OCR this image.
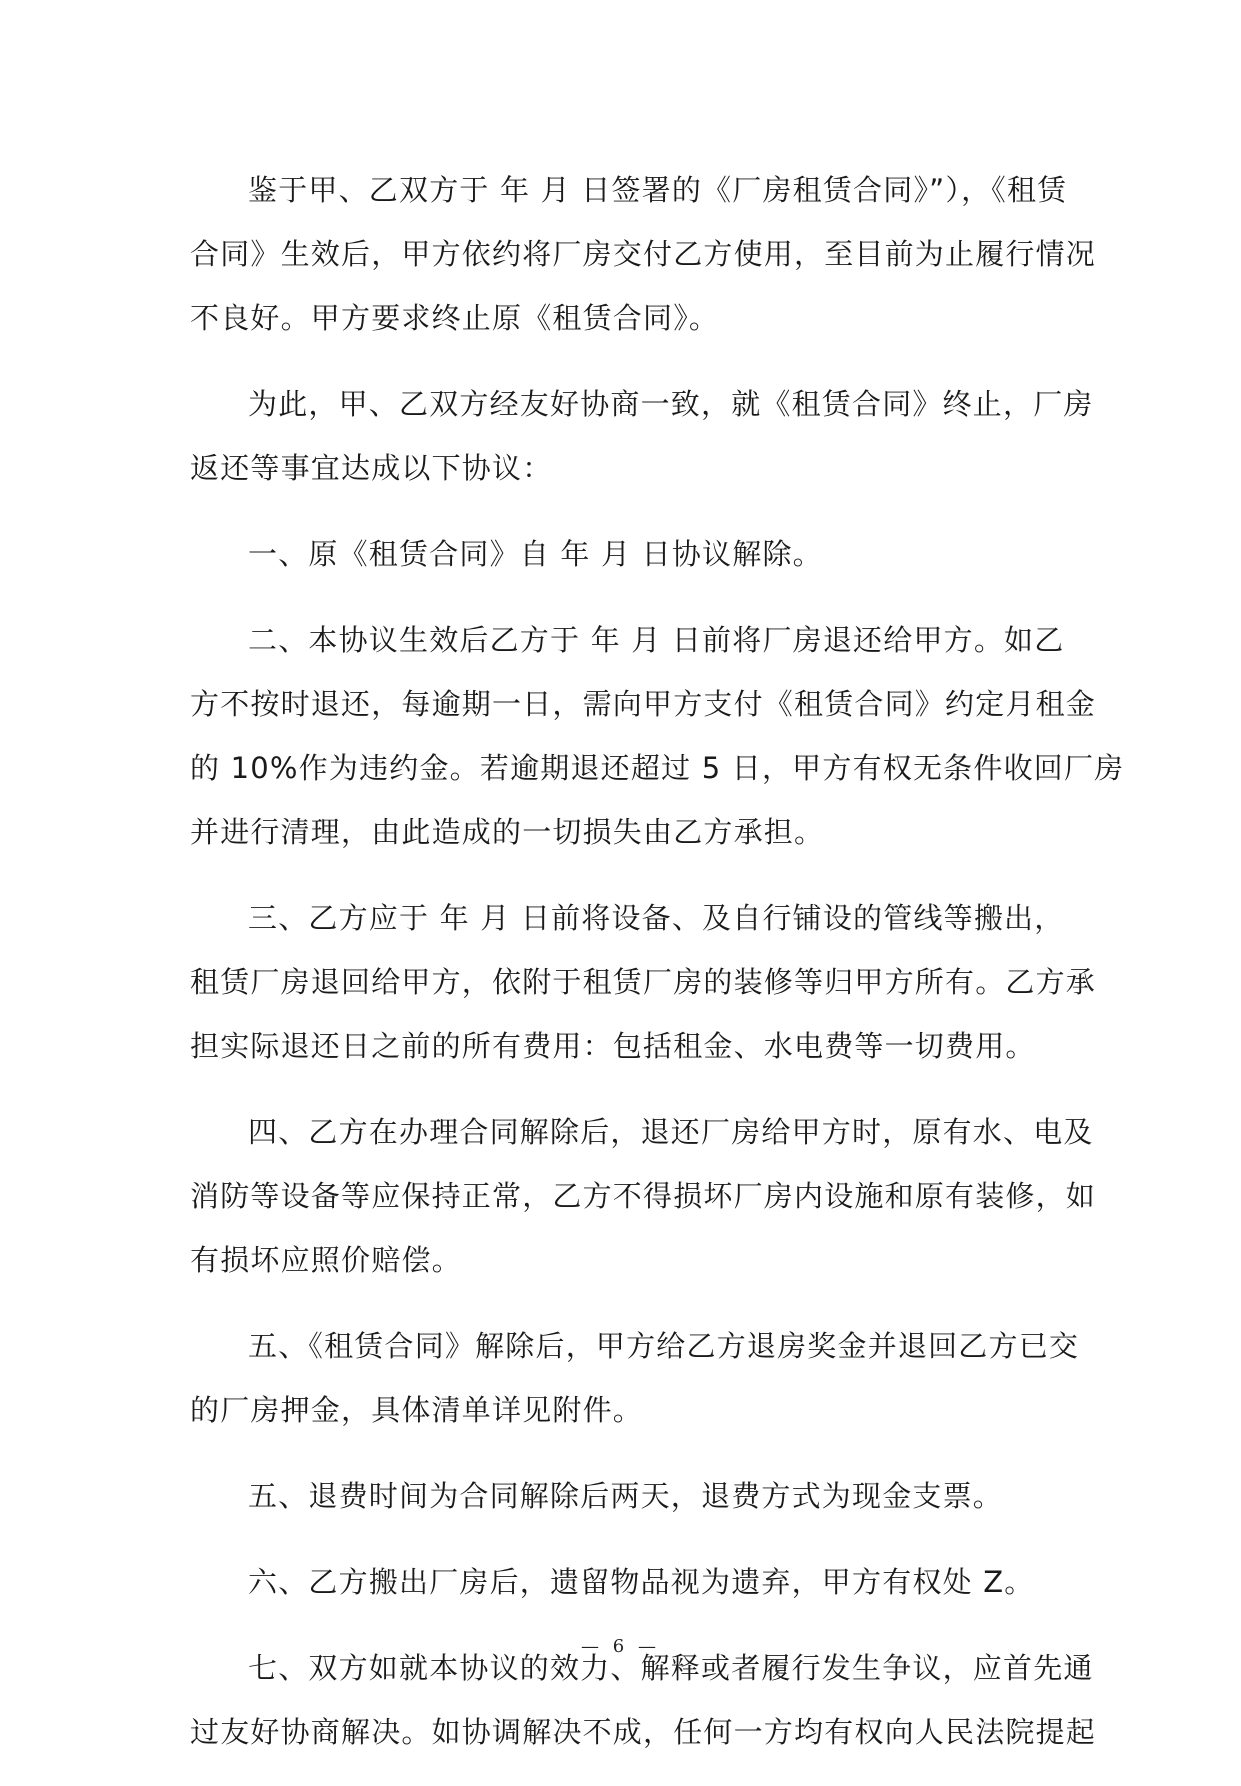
鉴于甲、乙双方于 年 月 日签署的《厂房租赁合同》”），《租赁
合同》生效后，甲方依约将厂房交付乙方使用，至目前为止履行情况
不良好。甲方要求终止原《租赁合同》。

为此，甲、乙双方经友好协商一致，就《租赁合同》终止，厂房
返还等事宜达成以下协议：

一、原《租赁合同》自 年 月 日协议解除。

二、本协议生效后乙方于 年 月 日前将厂房退还给甲方。如乙
方不按时退还，每逾期一日，需向甲方支付《租赁合同》约定月租金
的 10%作为违约金。若逾期退还超过 5 日，甲方有权无条件收回厂房
并进行清理，由此造成的一切损失由乙方承担。

三、乙方应于 年 月 日前将设备、及自行铺设的管线等搬出，
租赁厂房退回给甲方，依附于租赁厂房的装修等归甲方所有。乙方承
担实际退还日之前的所有费用：包括租金、水电费等一切费用。

四、乙方在办理合同解除后，退还厂房给甲方时，原有水、电及
消防等设备等应保持正常，乙方不得损坏厂房内设施和原有装修，如
有损坏应照价赔偿。

五、《租赁合同》解除后，甲方给乙方退房奖金并退回乙方已交
的厂房押金，具体清单详见附件。

五、退费时间为合同解除后两天，退费方式为现金支票。

六、乙方搬出厂房后，遗留物品视为遗弃，甲方有权处 Z。

七、双方如就本协议的效力、解释或者履行发生争议，应首先通
过友好协商解决。如协调解决不成，任何一方均有权向人民法院提起

— 6 —
